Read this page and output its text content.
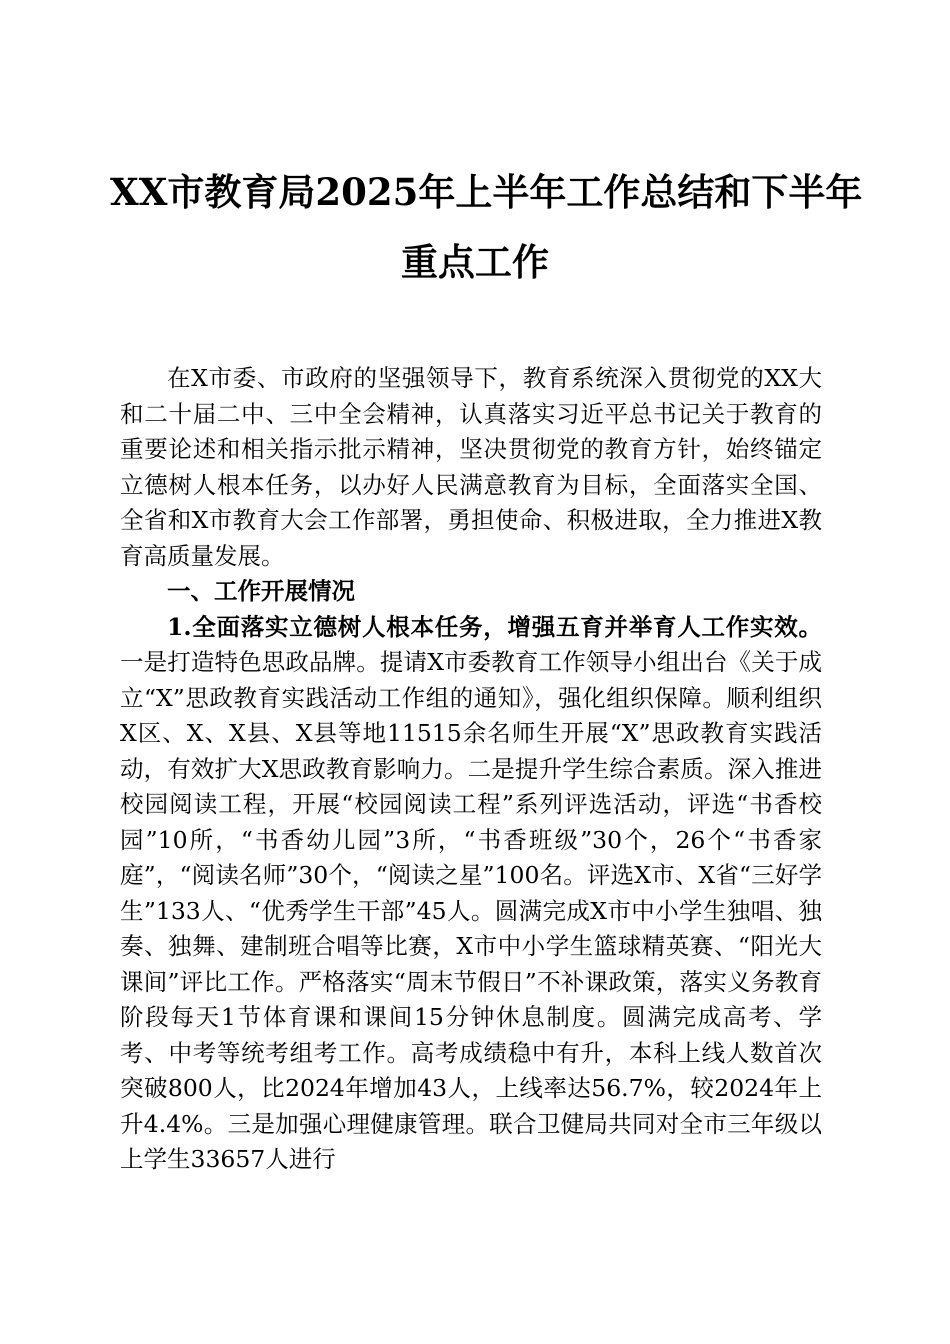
XX市教育局2025年上半年工作总结和下半年
重点工作

在X市委、市政府的坚强领导下，教育系统深入贯彻党的XX大和二十届二中、三中全会精神，认真落实习近平总书记关于教育的重要论述和相关指示批示精神，坚决贯彻党的教育方针，始终锚定立德树人根本任务，以办好人民满意教育为目标，全面落实全国、全省和X市教育大会工作部署，勇担使命、积极进取，全力推进X教育高质量发展。

一、工作开展情况

1.全面落实立德树人根本任务，增强五育并举育人工作实效。一是打造特色思政品牌。提请X市委教育工作领导小组出台《关于成立“X”思政教育实践活动工作组的通知》，强化组织保障。顺利组织X区、X、X县、X县等地11515余名师生开展“X”思政教育实践活动，有效扩大X思政教育影响力。二是提升学生综合素质。深入推进校园阅读工程，开展“校园阅读工程”系列评选活动，评选“书香校园”10所，“书香幼儿园”3所，“书香班级”30个，26个“书香家庭”，“阅读名师”30个，“阅读之星”100名。评选X市、X省“三好学生”133人、“优秀学生干部”45人。圆满完成X市中小学生独唱、独奏、独舞、建制班合唱等比赛，X市中小学生篮球精英赛、“阳光大课间”评比工作。严格落实“周末节假日”不补课政策，落实义务教育阶段每天1节体育课和课间15分钟休息制度。圆满完成高考、学考、中考等统考组考工作。高考成绩稳中有升，本科上线人数首次突破800人，比2024年增加43人，上线率达56.7%，较2024年上升4.4%。三是加强心理健康管理。联合卫健局共同对全市三年级以上学生33657人进行
